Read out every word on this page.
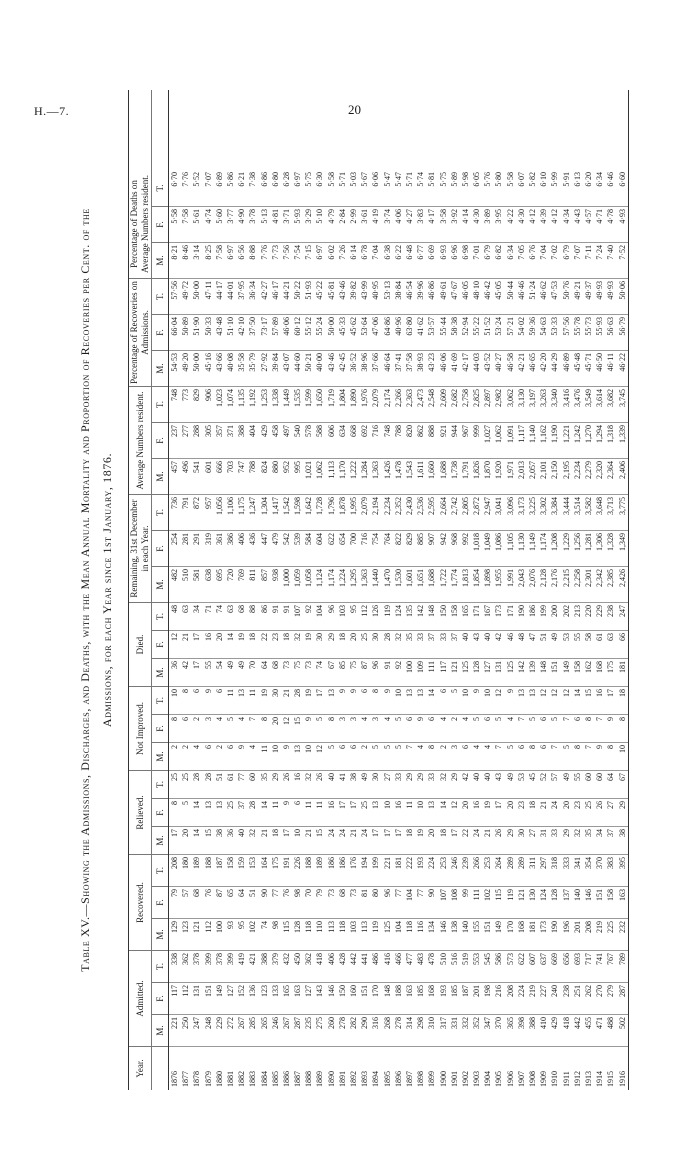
H.—7.	20
Table XV.—Showing the Admissions, Discharges, and Deaths, with the Mean Annual Mortality and Proportion of Recoveries per Cent. of the Admissions, for each Year since 1st January, 1876.
Year.
Admitted.
Recovered.
Relieved.
Not Improved.
Died.
Remaining, 31st December in each Year.
Average Numbers resident.
Percentage of Recoveries on Admissions.
Percentage of Deaths on Average Numbers resident.
M.
F.
T.
M.
F.
T.
M.
F.
T.
M.
F.
T.
M.
F.
T.
M.
F.
T.
M.
F.
T.
M.
F.
T.
M.
F.
T.
1876
221
117
338
129
79
208
17
8
25
2
8
10
36
12
48
482
254
736
457
237
748
54·53
66·04
57·56
8·21
5·58
6·70
1877
250
112
362
123
57
180
20
5
25
2
6
8
42
21
63
510
281
791
496
277
773
49·20
50·89
49·72
8·46
7·58
7·76
1878
247
131
378
121
68
189
14
14
28
4
2
6
17
17
34
581
291
872
541
288
829
50·00
51·90
50·00
3·14
5·61
5·52
1879
248
151
399
112
76
188
15
13
28
6
3
9
55
16
71
638
319
957
601
305
906
45·16
50·33
47·11
8·25
4·74
7·07
1880
229
149
378
100
87
187
38
13
51
2
4
6
54
20
74
695
361
1,056
666
357
1,023
43·66
43·48
44·17
7·58
5·60
6·89
1881
272
127
399
93
65
158
36
25
61
6
5
11
49
14
63
720
386
1,106
703
371
1,074
40·08
51·10
44·01
6·97
3·77
5·86
1882
267
152
419
95
64
159
40
37
77
9
4
13
49
19
68
769
406
1,175
747
388
1,135
35·58
42·10
37·95
6·56
4·90
6·21
1883
285
136
421
102
51
153
32
28
60
4
7
11
70
18
88
811
436
1,247
788
404
1,192
35·79
37·50
36·34
8·88
3·78
7·38
1884
265
123
388
74
90
164
21
14
35
11
8
19
64
22
86
857
447
1,304
824
429
1,253
27·92
73·17
42·27
7·76
5·13
6·86
1885
246
133
379
98
77
175
18
11
29
10
20
30
68
23
91
938
479
1,417
880
458
1,338
39·84
57·89
46·17
7·73
4·81
6·80
1886
267
165
432
115
76
191
17
9
26
9
12
21
73
18
91
1,000
542
1,542
952
497
1,449
43·07
46·06
44·21
7·56
3·71
6·28
1887
287
163
450
128
98
226
10
6
16
13
15
28
75
32
107
1,059
539
1,598
995
540
1,535
44·60
60·12
50·22
7·54
5·93
6·97
1888
235
127
362
118
70
188
21
11
32
10
9
19
73
19
92
1,058
584
1,642
1,021
578
1,599
50·21
55·12
51·93
7·15
3·29
5·75
1889
275
143
418
110
79
189
15
11
26
12
5
17
74
30
104
1,124
604
1,728
1,062
588
1,650
40·00
55·24
45·22
6·97
5·10
6·30
1890
260
146
406
113
73
186
24
16
40
5
8
13
67
29
96
1,174
622
1,796
1,113
606
1,719
43·46
50·00
45·81
6·02
4·79
5·58
1891
278
150
428
118
68
186
24
17
41
6
3
9
85
18
103
1,224
654
1,878
1,170
634
1,804
42·45
45·33
43·46
7·26
2·84
5·71
1892
282
160
442
103
73
176
21
17
38
6
3
9
75
20
95
1,295
700
1,995
1,222
668
1,890
36·52
45·62
39·82
6·14
2·99
5·03
1893
290
151
441
113
81
194
24
25
49
2
4
6
87
25
112
1,363
716
2,079
1,284
692
1,976
38·96
53·64
43·99
6·78
3·61
5·67
1894
316
170
486
119
80
199
17
13
30
5
3
8
96
30
126
1,440
754
2,194
1,363
716
2,079
37·66
47·06
40·95
7·04
4·19
6·06
1895
268
148
416
125
96
221
17
10
27
5
4
9
91
28
119
1,470
764
2,234
1,426
748
2,174
46·64
64·86
53·13
6·38
3·74
5·47
1896
278
188
466
104
77
181
17
16
33
5
5
10
92
32
124
1,530
822
2,352
1,478
788
2,266
37·41
40·96
38·84
6·22
4·06
5·47
1897
314
163
477
118
104
222
18
11
29
7
6
13
100
35
135
1,601
829
2,430
1,543
820
2,363
37·58
63·80
46·54
6·48
4·27
5·71
1898
298
185
483
116
77
193
19
10
29
4
9
13
109
33
142
1,651
885
2,536
1,611
862
2,473
38·93
41·62
39·96
6·77
3·83
5·74
1899
310
168
478
134
90
224
20
13
33
8
6
14
111
37
148
1,688
907
2,595
1,660
888
2,548
43·23
53·57
46·86
6·69
4·17
5·81
1900
317
193
510
146
107
253
18
14
32
2
4
6
117
33
150
1,722
942
2,664
1,688
921
2,609
46·06
55·44
49·61
6·93
3·58
5·75
1901
331
185
516
138
108
246
17
12
29
3
2
5
121
37
158
1,774
968
2,742
1,738
944
2,682
41·69
58·38
47·67
6·96
3·92
5·89
1902
332
187
519
140
99
239
22
20
42
6
4
10
125
40
165
1,813
992
2,805
1,791
967
2,758
42·17
52·94
46·05
6·98
4·14
5·98
1903
352
201
553
155
111
266
24
16
40
4
5
9
128
43
171
1,854
1,018
2,872
1,826
999
2,825
44·03
55·22
48·10
7·01
4·30
6·05
1904
347
198
545
151
102
253
21
19
40
4
6
10
127
40
167
1,898
1,049
2,947
1,870
1,027
2,897
43·52
51·52
46·42
6·79
3·89
5·76
1905
370
216
586
149
115
264
26
17
43
7
5
12
131
42
173
1,955
1,086
3,041
1,920
1,062
2,982
40·27
53·24
45·05
6·82
3·95
5·80
1906
365
208
573
170
119
289
29
20
49
5
4
9
125
46
171
1,991
1,105
3,096
1,971
1,091
3,062
46·58
57·21
50·44
6·34
4·22
5·58
1907
398
224
622
168
121
289
30
23
53
6
7
13
142
48
190
2,043
1,130
3,173
2,013
1,117
3,130
42·21
54·02
46·46
7·05
4·30
6·07
1908
388
219
607
181
130
311
27
18
45
8
5
13
139
47
186
2,076
1,149
3,225
2,057
1,140
3,197
46·65
59·36
51·24
6·76
4·12
5·82
1909
410
227
637
173
124
297
31
21
52
6
6
12
148
51
199
2,128
1,174
3,302
2,101
1,162
3,263
42·20
54·63
46·62
7·04
4·39
6·10
1910
429
240
669
190
128
318
33
24
57
7
5
12
151
49
200
2,176
1,208
3,384
2,150
1,190
3,340
44·29
53·33
47·53
7·02
4·12
5·99
1911
418
238
656
196
137
333
29
20
49
5
7
12
149
53
202
2,215
1,229
3,444
2,195
1,221
3,416
46·89
57·56
50·76
6·79
4·34
5·91
1912
442
251
693
201
140
341
32
23
55
8
6
14
158
55
213
2,258
1,256
3,514
2,234
1,242
3,476
45·48
55·78
49·21
7·07
4·43
6·13
1913
455
262
717
208
146
354
35
25
60
7
8
15
162
58
220
2,301
1,281
3,582
2,279
1,270
3,549
45·71
55·73
49·37
7·11
4·57
6·20
1914
471
270
741
219
151
370
34
26
60
9
7
16
168
61
229
2,342
1,306
3,648
2,320
1,294
3,614
46·50
55·93
49·93
7·24
4·71
6·34
1915
488
279
767
225
158
383
37
27
64
8
9
17
175
63
238
2,385
1,328
3,713
2,364
1,318
3,682
46·11
56·63
49·93
7·40
4·78
6·46
1916
502
287
789
232
163
395
38
29
67
10
8
18
181
66
247
2,426
1,349
3,775
2,406
1,339
3,745
46·22
56·79
50·06
7·52
4·93
6·60
